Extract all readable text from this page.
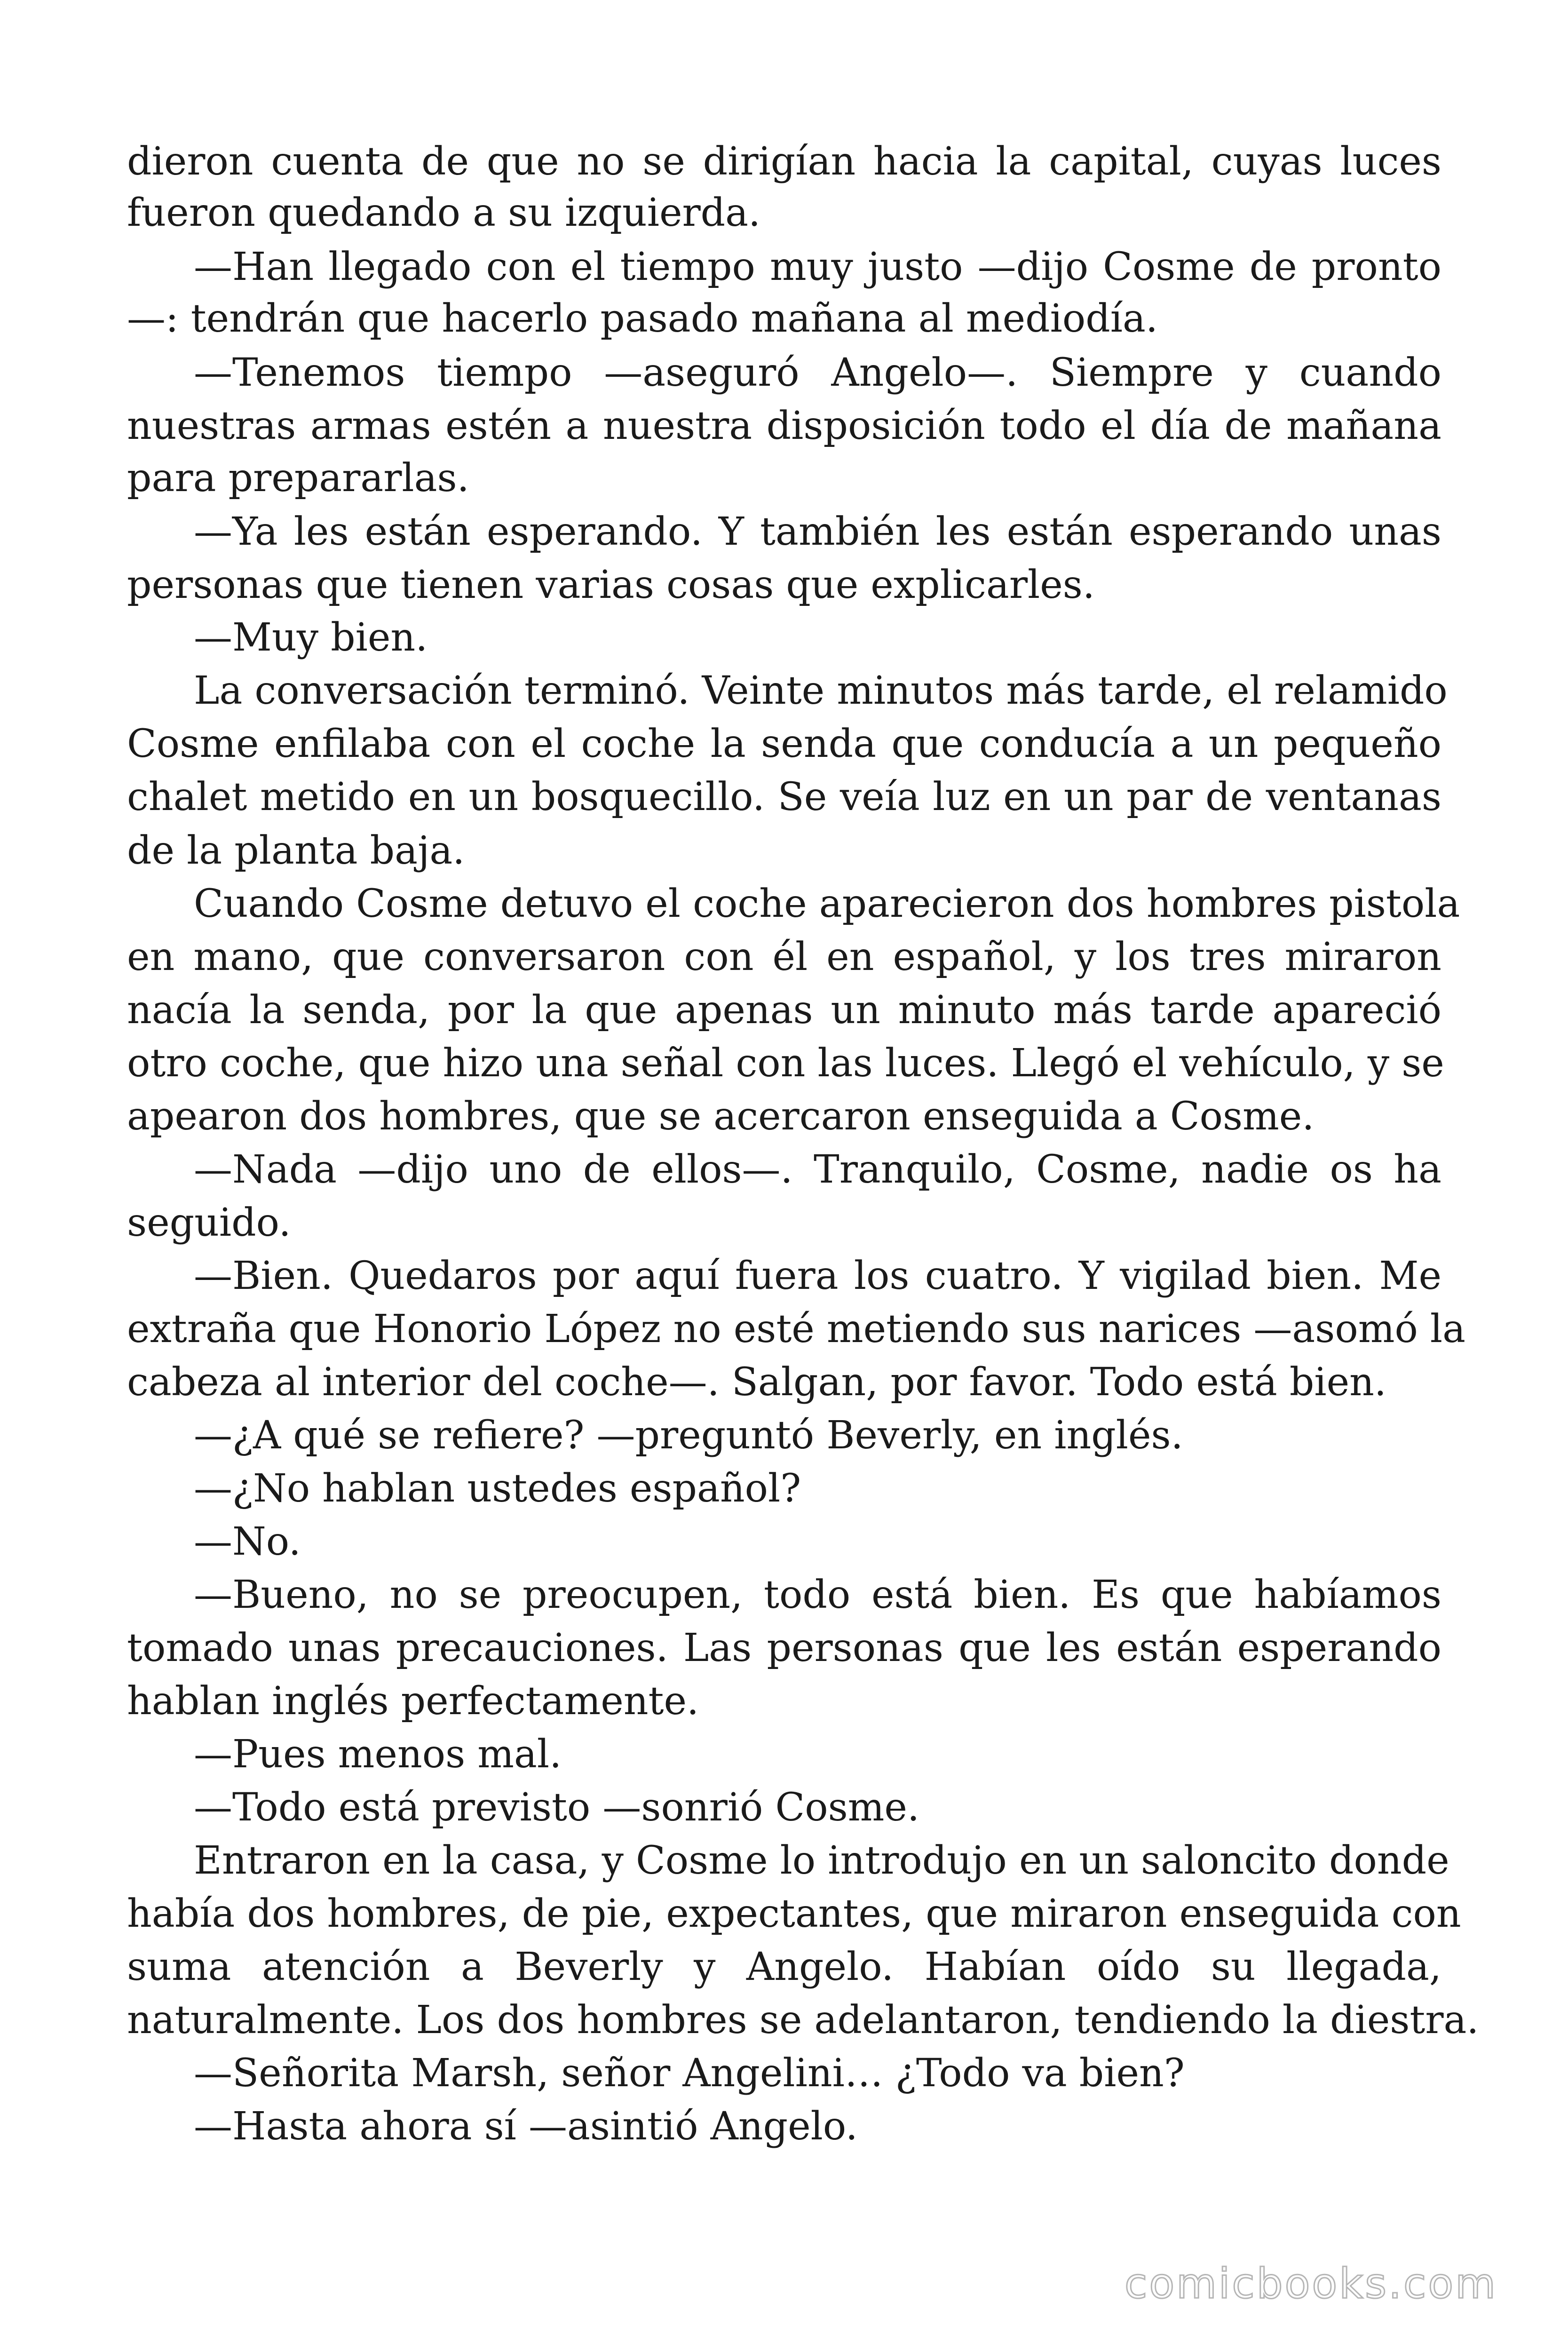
dieron cuenta de que no se dirigían hacia la capital, cuyas luces
fueron quedando a su izquierda.
—Han llegado con el tiempo muy justo —dijo Cosme de pronto
—: tendrán que hacerlo pasado mañana al mediodía.
—Tenemos tiempo —aseguró Angelo—. Siempre y cuando
nuestras armas estén a nuestra disposición todo el día de mañana
para prepararlas.
—Ya les están esperando. Y también les están esperando unas
personas que tienen varias cosas que explicarles.
—Muy bien.
La conversación terminó. Veinte minutos más tarde, el relamido
Cosme enfilaba con el coche la senda que conducía a un pequeño
chalet metido en un bosquecillo. Se veía luz en un par de ventanas
de la planta baja.
Cuando Cosme detuvo el coche aparecieron dos hombres pistola
en mano, que conversaron con él en español, y los tres miraron
nacía la senda, por la que apenas un minuto más tarde apareció
otro coche, que hizo una señal con las luces. Llegó el vehículo, y se
apearon dos hombres, que se acercaron enseguida a Cosme.
—Nada —dijo uno de ellos—. Tranquilo, Cosme, nadie os ha
seguido.
—Bien. Quedaros por aquí fuera los cuatro. Y vigilad bien. Me
extraña que Honorio López no esté metiendo sus narices —asomó la
cabeza al interior del coche—. Salgan, por favor. Todo está bien.
—¿A qué se refiere? —preguntó Beverly, en inglés.
—¿No hablan ustedes español?
—No.
—Bueno, no se preocupen, todo está bien. Es que habíamos
tomado unas precauciones. Las personas que les están esperando
hablan inglés perfectamente.
—Pues menos mal.
—Todo está previsto —sonrió Cosme.
Entraron en la casa, y Cosme lo introdujo en un saloncito donde
había dos hombres, de pie, expectantes, que miraron enseguida con
suma atención a Beverly y Angelo. Habían oído su llegada,
naturalmente. Los dos hombres se adelantaron, tendiendo la diestra.
—Señorita Marsh, señor Angelini… ¿Todo va bien?
—Hasta ahora sí —asintió Angelo.
comicbooks.com
